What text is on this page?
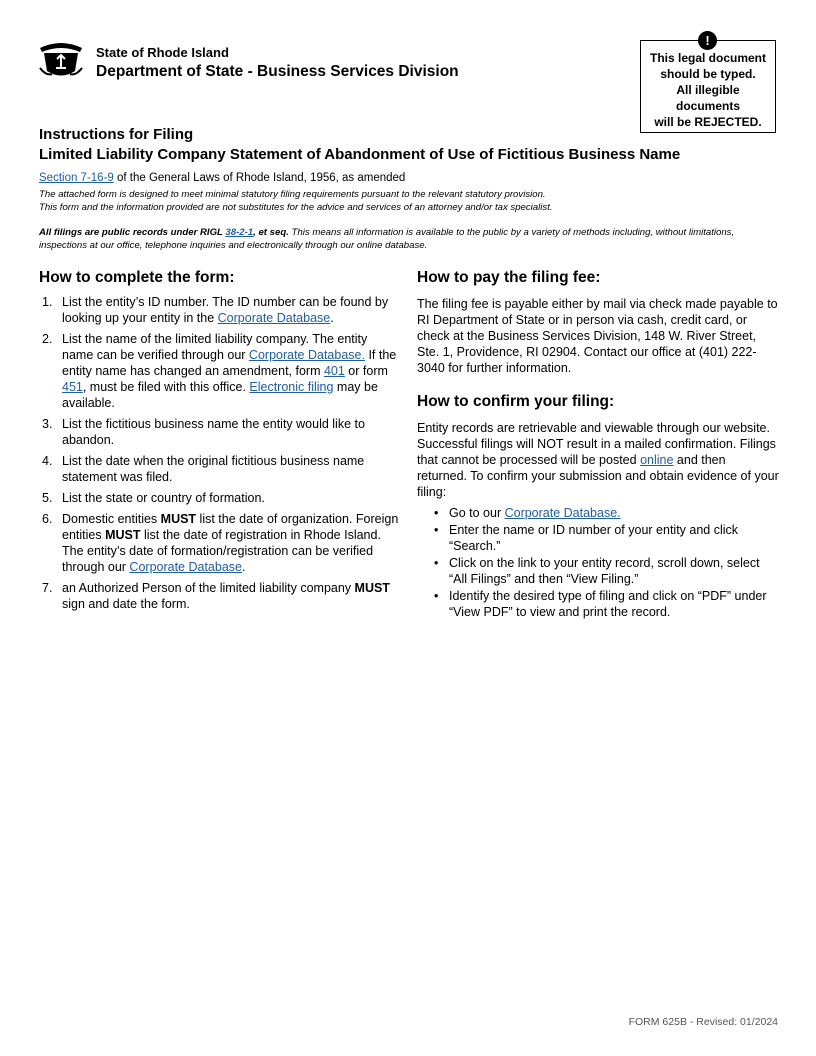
State of Rhode Island
Department of State - Business Services Division
!
This legal document
should be typed.
All illegible
documents
will be REJECTED.
Instructions for Filing
Limited Liability Company Statement of Abandonment of Use of Fictitious Business Name
Section 7-16-9 of the General Laws of Rhode Island, 1956, as amended
The attached form is designed to meet minimal statutory filing requirements pursuant to the relevant statutory provision.
This form and the information provided are not substitutes for the advice and services of an attorney and/or tax specialist.
All filings are public records under RIGL 38-2-1, et seq. This means all information is available to the public by a variety of methods including, without limitations, inspections at our office, telephone inquiries and electronically through our online database.
How to complete the form:
1. List the entity’s ID number. The ID number can be found by looking up your entity in the Corporate Database.
2. List the name of the limited liability company. The entity name can be verified through our Corporate Database. If the entity name has changed an amendment, form 401 or form 451, must be filed with this office. Electronic filing may be available.
3. List the fictitious business name the entity would like to abandon.
4. List the date when the original fictitious business name statement was filed.
5. List the state or country of formation.
6. Domestic entities MUST list the date of organization. Foreign entities MUST list the date of registration in Rhode Island. The entity’s date of formation/registration can be verified through our Corporate Database.
7. an Authorized Person of the limited liability company MUST sign and date the form.
How to pay the filing fee:

The filing fee is payable either by mail via check made payable to RI Department of State or in person via cash, credit card, or check at the Business Services Division, 148 W. River Street, Ste. 1, Providence, RI 02904. Contact our office at (401) 222-3040 for further information.

How to confirm your filing:

Entity records are retrievable and viewable through our website. Successful filings will NOT result in a mailed confirmation. Filings that cannot be processed will be posted online and then returned. To confirm your submission and obtain evidence of your filing:

• Go to our Corporate Database.
• Enter the name or ID number of your entity and click “Search.”
• Click on the link to your entity record, scroll down, select “All Filings” and then “View Filing.”
• Identify the desired type of filing and click on “PDF” under “View PDF” to view and print the record.
FORM 625B - Revised: 01/2024
